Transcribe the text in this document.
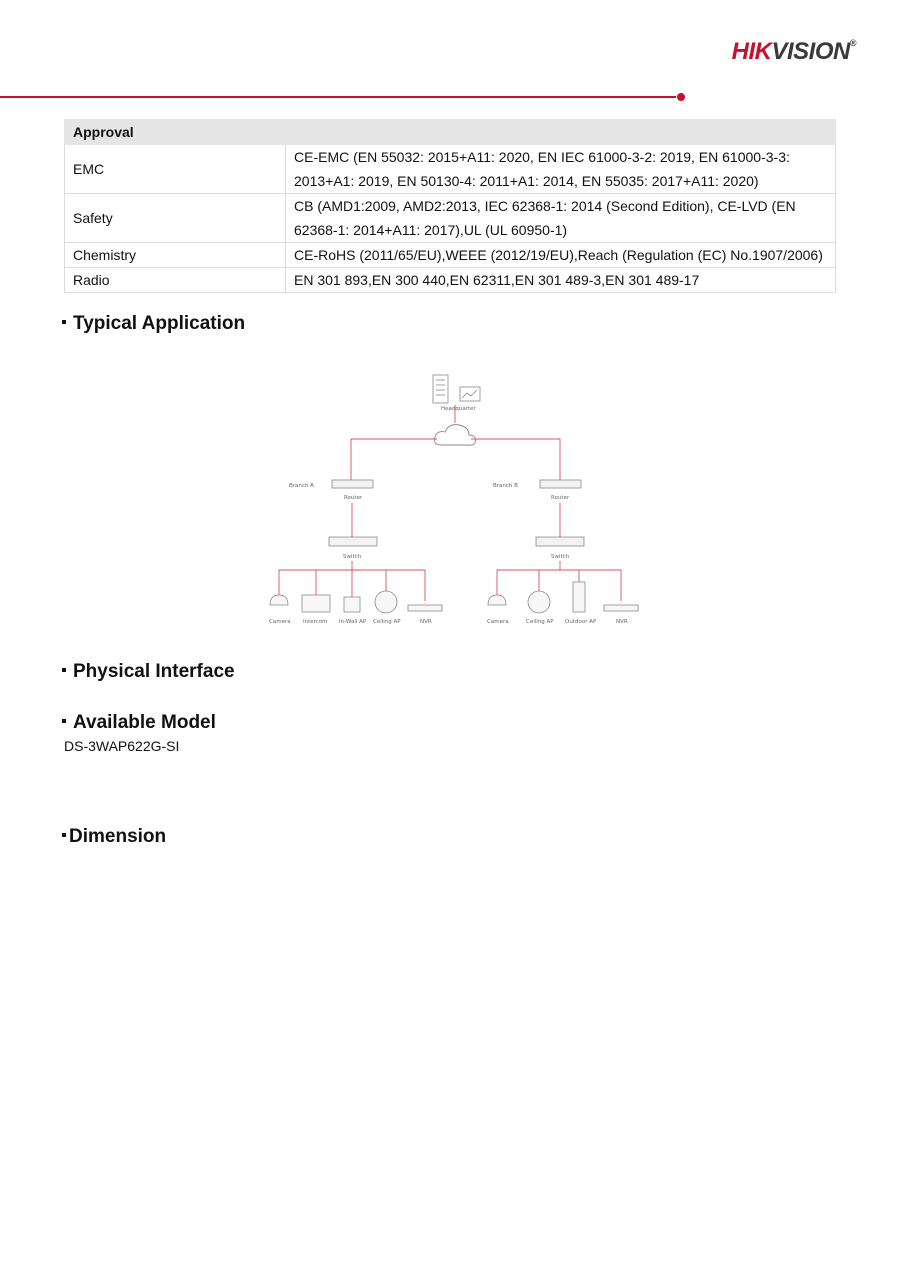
HIKVISION®
Approval	
EMC	CE-EMC (EN 55032: 2015+A11: 2020, EN IEC 61000-3-2: 2019, EN 61000-3-3: 2013+A1: 2019, EN 50130-4: 2011+A1: 2014, EN 55035: 2017+A11: 2020)
Safety	CB (AMD1:2009, AMD2:2013, IEC 62368-1: 2014 (Second Edition), CE-LVD (EN 62368-1: 2014+A11: 2017),UL (UL 60950-1)
Chemistry	CE-RoHS (2011/65/EU),WEEE (2012/19/EU),Reach (Regulation (EC) No.1907/2006)
Radio	EN 301 893,EN 300 440,EN 62311,EN 301 489-3,EN 301 489-17
Typical Application
Headquarter
Branch A
Router
Branch B
Router
Switch	Switch
Camera Intercom In-Wall AP Ceiling AP	NVR	Camera	Ceiling AP Outdoor AP	NVR
Physical Interface
Available Model
DS-3WAP622G-SI
Dimension
